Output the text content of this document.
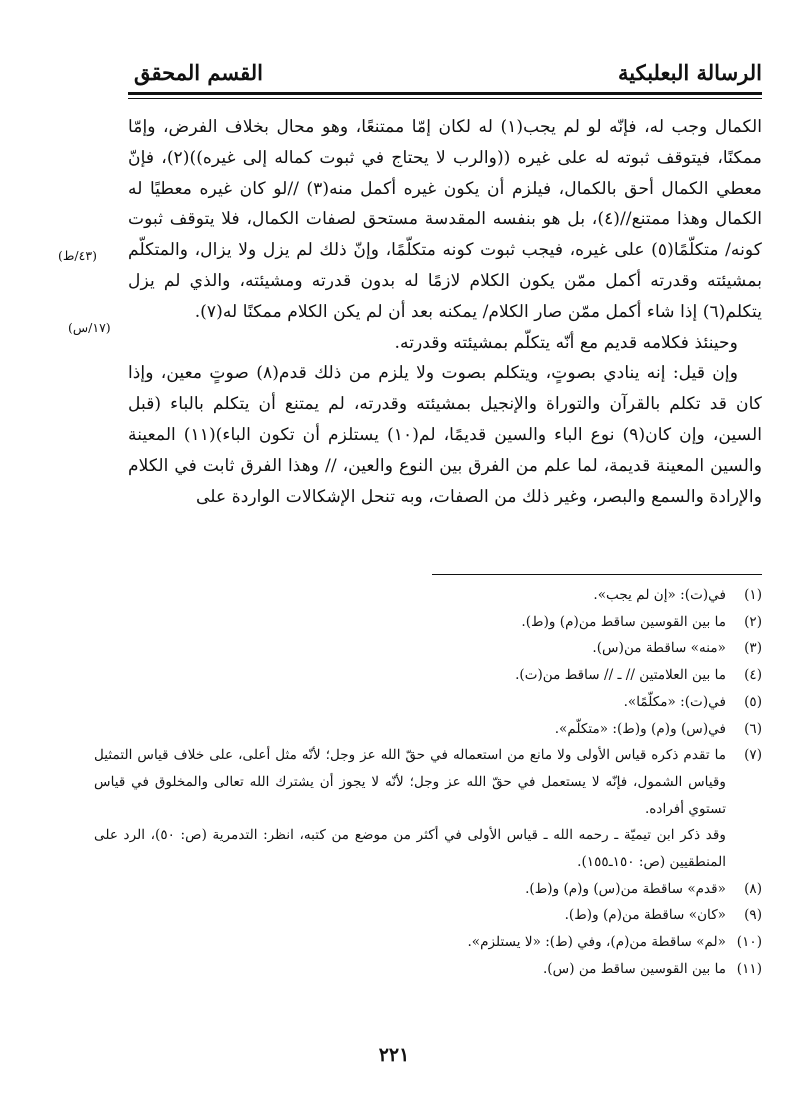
الرسالة البعلبكية
القسم المحقق
(٤٣/ط)
(١٧/س)

الكمال وجب له، فإنّه لو لم يجب(١) له لكان إمّا ممتنعًا، وهو محال بخلاف الفرض، وإمّا ممكنًا، فيتوقف ثبوته له على غيره ((والرب لا يحتاج في ثبوت كماله إلى غيره))(٢)، فإنّ معطي الكمال أحق بالكمال، فيلزم أن يكون غيره أكمل منه(٣) //لو كان غيره معطيًا له الكمال وهذا ممتنع//(٤)، بل هو بنفسه المقدسة مستحق لصفات الكمال، فلا يتوقف ثبوت كونه/ متكلّمًا(٥) على غيره، فيجب ثبوت كونه متكلّمًا، وإنّ ذلك لم يزل ولا يزال، والمتكلّم بمشيئته وقدرته أكمل ممّن يكون الكلام لازمًا له بدون قدرته ومشيئته، والذي لم يزل يتكلم(٦) إذا شاء أكمل ممّن صار الكلام/ يمكنه بعد أن لم يكن الكلام ممكنًا له(٧).

وحينئذ فكلامه قديم مع أنّه يتكلّم بمشيئته وقدرته.

وإن قيل: إنه ينادي بصوتٍ، ويتكلم بصوت ولا يلزم من ذلك قدم(٨) صوتٍ معين، وإذا كان قد تكلم بالقرآن والتوراة والإنجيل بمشيئته وقدرته، لم يمتنع أن يتكلم بالباء (قبل السين، وإن كان(٩) نوع الباء والسين قديمًا، لم(١٠) يستلزم أن تكون الباء)(١١) المعينة والسين المعينة قديمة، لما علم من الفرق بين النوع والعين، // وهذا الفرق ثابت في الكلام والإرادة والسمع والبصر، وغير ذلك من الصفات، وبه تنحل الإشكالات الواردة على

(١)
في(ت): «إن لم يجب».
(٢)
ما بين القوسين ساقط من(م) و(ط).
(٣)
«منه» ساقطة من(س).
(٤)
ما بين العلامتين // ـ // ساقط من(ت).
(٥)
في(ت): «مكلّمًا».
(٦)
في(س) و(م) و(ط): «متكلّم».
(٧)
ما تقدم ذكره قياس الأولى ولا مانع من استعماله في حقّ الله عز وجل؛ لأنّه مثل أعلى، على خلاف قياس التمثيل وقياس الشمول، فإنّه لا يستعمل في حقّ الله عز وجل؛ لأنّه لا يجوز أن يشترك الله تعالى والمخلوق في قياس تستوي أفراده.
وقد ذكر ابن تيميّة ـ رحمه الله ـ قياس الأولى في أكثر من موضع من كتبه، انظر: التدمرية (ص: ٥٠)، الرد على المنطقيين (ص: ١٥٠ـ١٥٥).
(٨)
«قدم» ساقطة من(س) و(م) و(ط).
(٩)
«كان» ساقطة من(م) و(ط).
(١٠)
«لم» ساقطة من(م)، وفي (ط): «لا يستلزم».
(١١)
ما بين القوسين ساقط من (س).
٢٢١
